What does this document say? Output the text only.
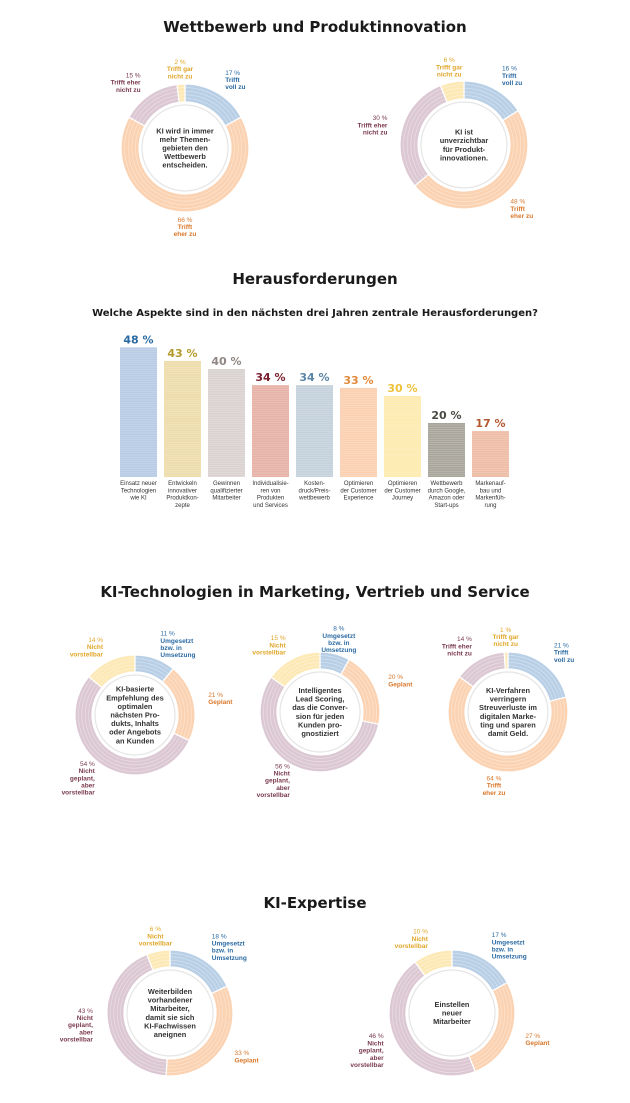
Wettbewerb und Produktinnovation
17 % Trifft voll zu
66 % Trifft eher zu
15 % Trifft eher nicht zu
2 % Trifft gar nicht zu
KI wird in immer mehr Themen-gebieten den Wettbewerb entscheiden.
16 % Trifft voll zu
48 % Trifft eher zu
30 % Trifft eher nicht zu
6 % Trifft gar nicht zu
KI ist unverzichtbar für Produkt-innovationen.
Herausforderungen
Welche Aspekte sind in den nächsten drei Jahren zentrale Herausforderungen?
48 %
Einsatz neuer Technologien wie KI
43 %
Entwickeln innovativer Produktkon-zepte
40 %
Gewinnen qualifizierter Mitarbeiter
34 %
Individualisie-ren von Produkten und Services
34 %
Kosten-druck/Preis-wettbewerb
33 %
Optimieren der Customer Experience
30 %
Optimieren der Customer Journey
20 %
Wettbewerb durch Google, Amazon oder Start-ups
17 %
Markenauf-bau und Markenfüh-rung
KI-Technologien in Marketing, Vertrieb und Service
11 % Umgesetzt bzw. in Umsetzung
21 % Geplant
54 % Nicht geplant, aber vorstellbar
14 % Nicht vorstellbar
KI-basierte Empfehlung des optimalen nächsten Pro-dukts, Inhalts oder Angebots an Kunden
8 % Umgesetzt bzw. in Umsetzung
20 % Geplant
56 % Nicht geplant, aber vorstellbar
15 % Nicht vorstellbar
Intelligentes Lead Scoring, das die Conver-sion für jeden Kunden pro-gnostiziert
21 % Trifft voll zu
64 % Trifft eher zu
14 % Trifft eher nicht zu
1 % Trifft gar nicht zu
KI-Verfahren verringern Streuverluste im digitalen Marke-ting und sparen damit Geld.
KI-Expertise
18 % Umgesetzt bzw. in Umsetzung
33 % Geplant
43 % Nicht geplant, aber vorstellbar
6 % Nicht vorstellbar
Weiterbilden vorhandener Mitarbeiter, damit sie sich KI-Fachwissen aneignen
17 % Umgesetzt bzw. in Umsetzung
27 % Geplant
46 % Nicht geplant, aber vorstellbar
10 % Nicht vorstellbar
Einstellen neuer Mitarbeiter
